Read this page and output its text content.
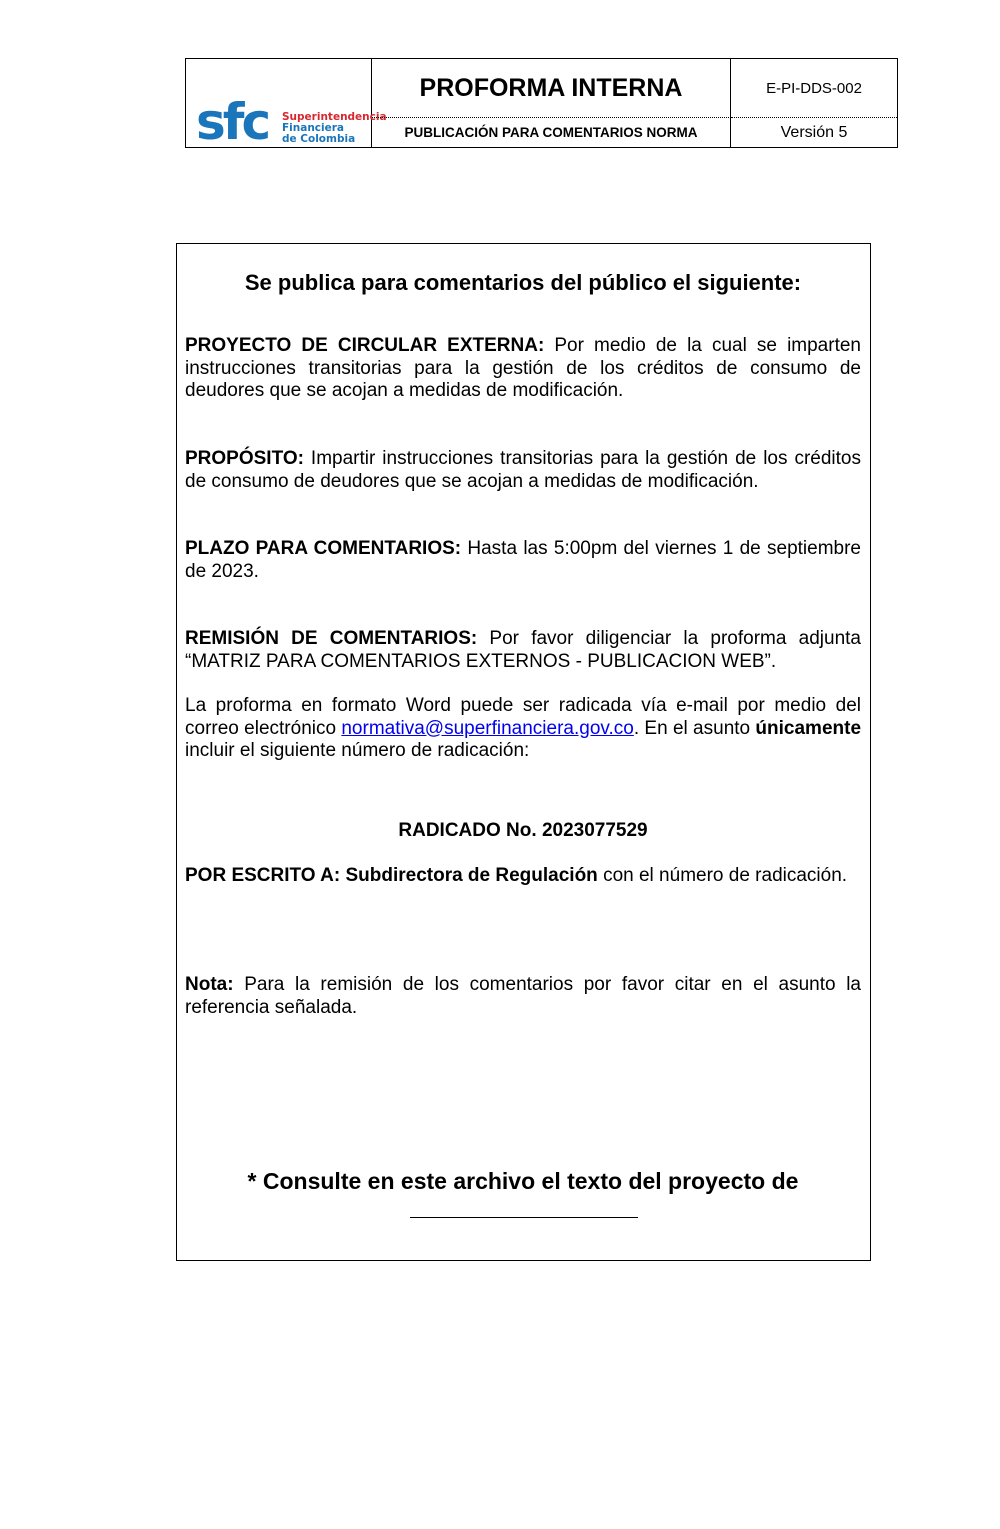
sfc Superintendencia
Financiera
de Colombia
PROFORMA INTERNA
PUBLICACIÓN PARA COMENTARIOS NORMA
E-PI-DDS-002
Versión 5

Se publica para comentarios del público el siguiente:

PROYECTO DE CIRCULAR EXTERNA: Por medio de la cual se imparten instrucciones transitorias para la gestión de los créditos de consumo de deudores que se acojan a medidas de modificación.

PROPÓSITO: Impartir instrucciones transitorias para la gestión de los créditos de consumo de deudores que se acojan a medidas de modificación.

PLAZO PARA COMENTARIOS: Hasta las 5:00pm del viernes 1 de septiembre de 2023.

REMISIÓN DE COMENTARIOS: Por favor diligenciar la proforma adjunta “MATRIZ PARA COMENTARIOS EXTERNOS - PUBLICACION WEB”.

La proforma en formato Word puede ser radicada vía e-mail por medio del correo electrónico normativa@superfinanciera.gov.co. En el asunto únicamente incluir el siguiente número de radicación:

RADICADO No. 2023077529

POR ESCRITO A: Subdirectora de Regulación con el número de radicación.

Nota: Para la remisión de los comentarios por favor citar en el asunto la referencia señalada.

* Consulte en este archivo el texto del proyecto de
